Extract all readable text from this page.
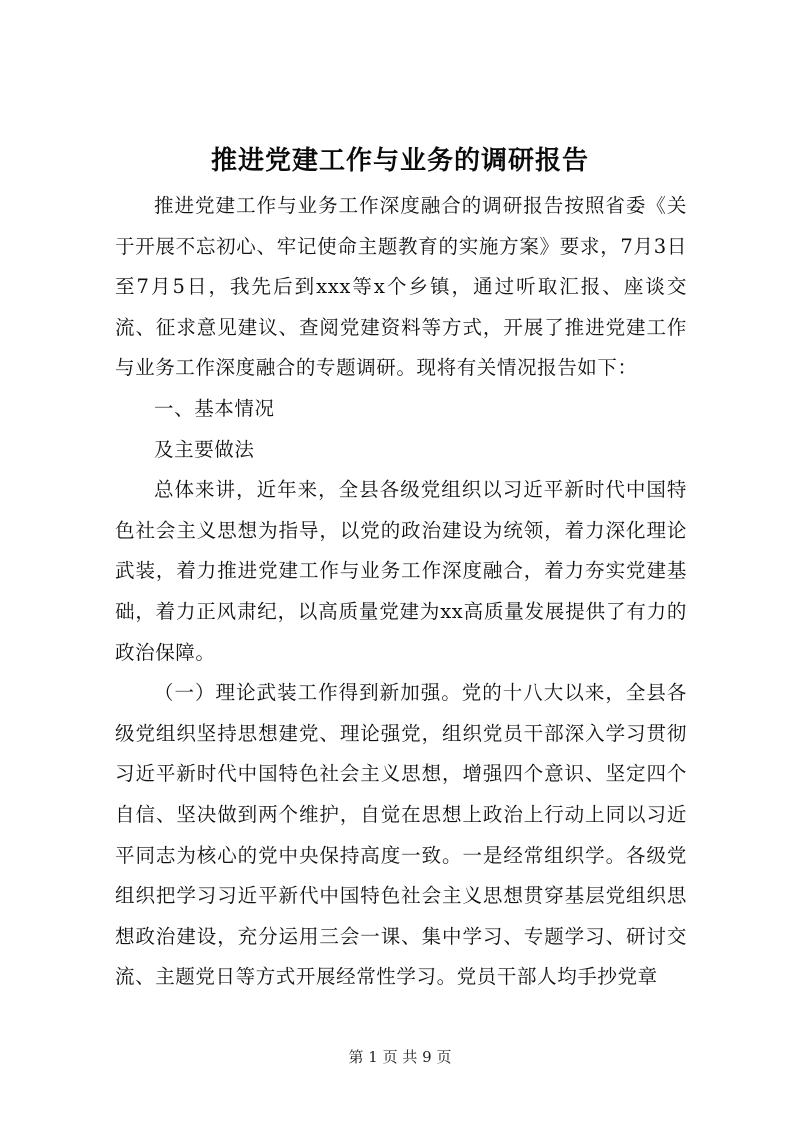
推进党建工作与业务的调研报告

推进党建工作与业务工作深度融合的调研报告按照省委《关于开展不忘初心、牢记使命主题教育的实施方案》要求，7月3日至7月5日，我先后到xxx等x个乡镇，通过听取汇报、座谈交流、征求意见建议、查阅党建资料等方式，开展了推进党建工作与业务工作深度融合的专题调研。现将有关情况报告如下：

一、基本情况

及主要做法

总体来讲，近年来，全县各级党组织以习近平新时代中国特色社会主义思想为指导，以党的政治建设为统领，着力深化理论武装，着力推进党建工作与业务工作深度融合，着力夯实党建基础，着力正风肃纪，以高质量党建为xx高质量发展提供了有力的政治保障。

（一）理论武装工作得到新加强。党的十八大以来，全县各级党组织坚持思想建党、理论强党，组织党员干部深入学习贯彻习近平新时代中国特色社会主义思想，增强四个意识、坚定四个自信、坚决做到两个维护，自觉在思想上政治上行动上同以习近平同志为核心的党中央保持高度一致。一是经常组织学。各级党组织把学习习近平新代中国特色社会主义思想贯穿基层党组织思想政治建设，充分运用三会一课、集中学习、专题学习、研讨交流、主题党日等方式开展经常性学习。党员干部人均手抄党章

第 1 页 共 9 页
